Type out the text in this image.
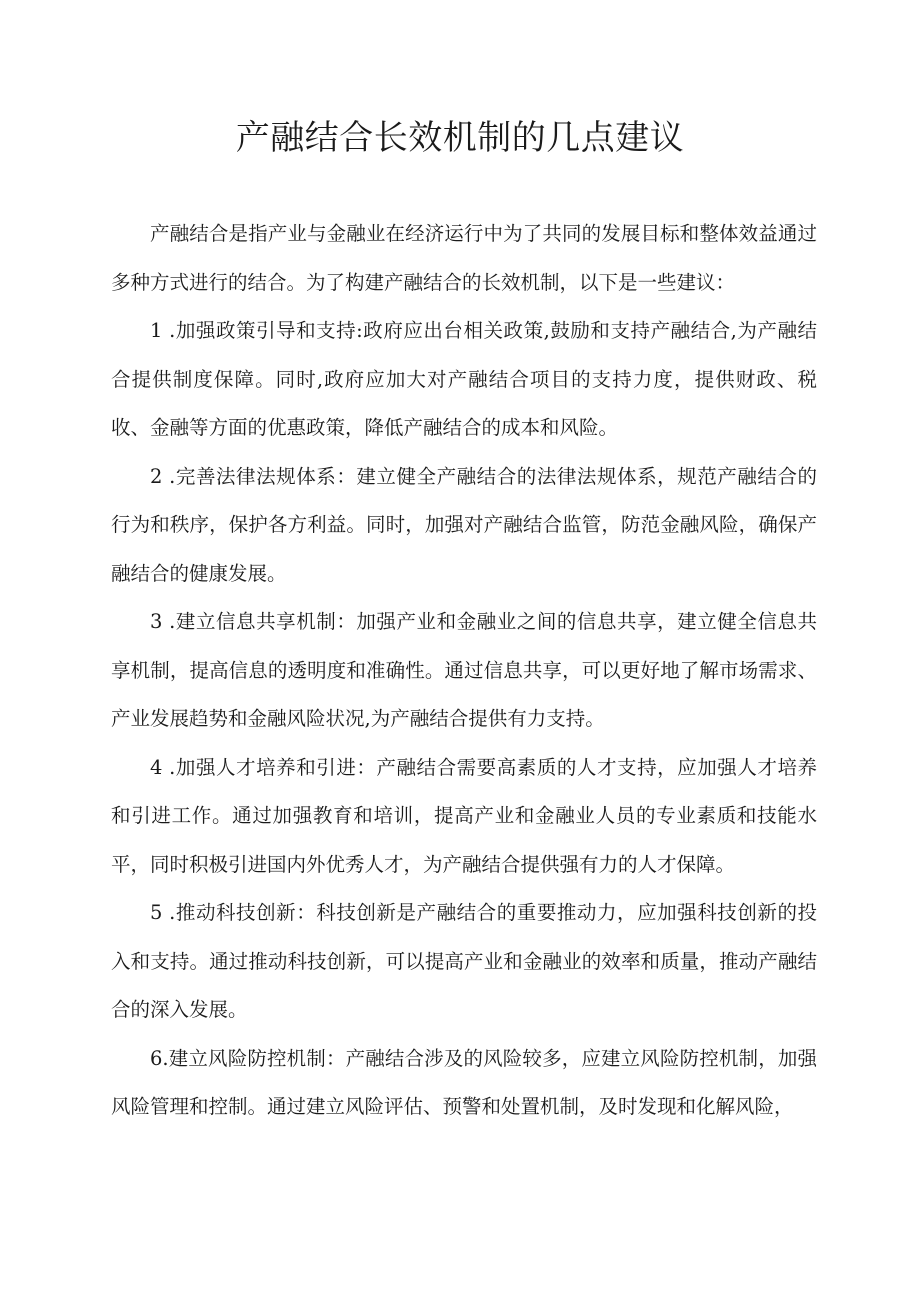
产融结合长效机制的几点建议

产融结合是指产业与金融业在经济运行中为了共同的发展目标和整体效益通过多种方式进行的结合。为了构建产融结合的长效机制，以下是一些建议：

1 .加强政策引导和支持:政府应出台相关政策,鼓励和支持产融结合,为产融结合提供制度保障。同时,政府应加大对产融结合项目的支持力度，提供财政、税收、金融等方面的优惠政策，降低产融结合的成本和风险。

2 .完善法律法规体系：建立健全产融结合的法律法规体系，规范产融结合的行为和秩序，保护各方利益。同时，加强对产融结合监管，防范金融风险，确保产融结合的健康发展。

3 .建立信息共享机制：加强产业和金融业之间的信息共享，建立健全信息共享机制，提高信息的透明度和准确性。通过信息共享，可以更好地了解市场需求、产业发展趋势和金融风险状况,为产融结合提供有力支持。

4 .加强人才培养和引进：产融结合需要高素质的人才支持，应加强人才培养和引进工作。通过加强教育和培训，提高产业和金融业人员的专业素质和技能水平，同时积极引进国内外优秀人才，为产融结合提供强有力的人才保障。

5 .推动科技创新：科技创新是产融结合的重要推动力，应加强科技创新的投入和支持。通过推动科技创新，可以提高产业和金融业的效率和质量，推动产融结合的深入发展。

6.建立风险防控机制：产融结合涉及的风险较多，应建立风险防控机制，加强风险管理和控制。通过建立风险评估、预警和处置机制，及时发现和化解风险，
